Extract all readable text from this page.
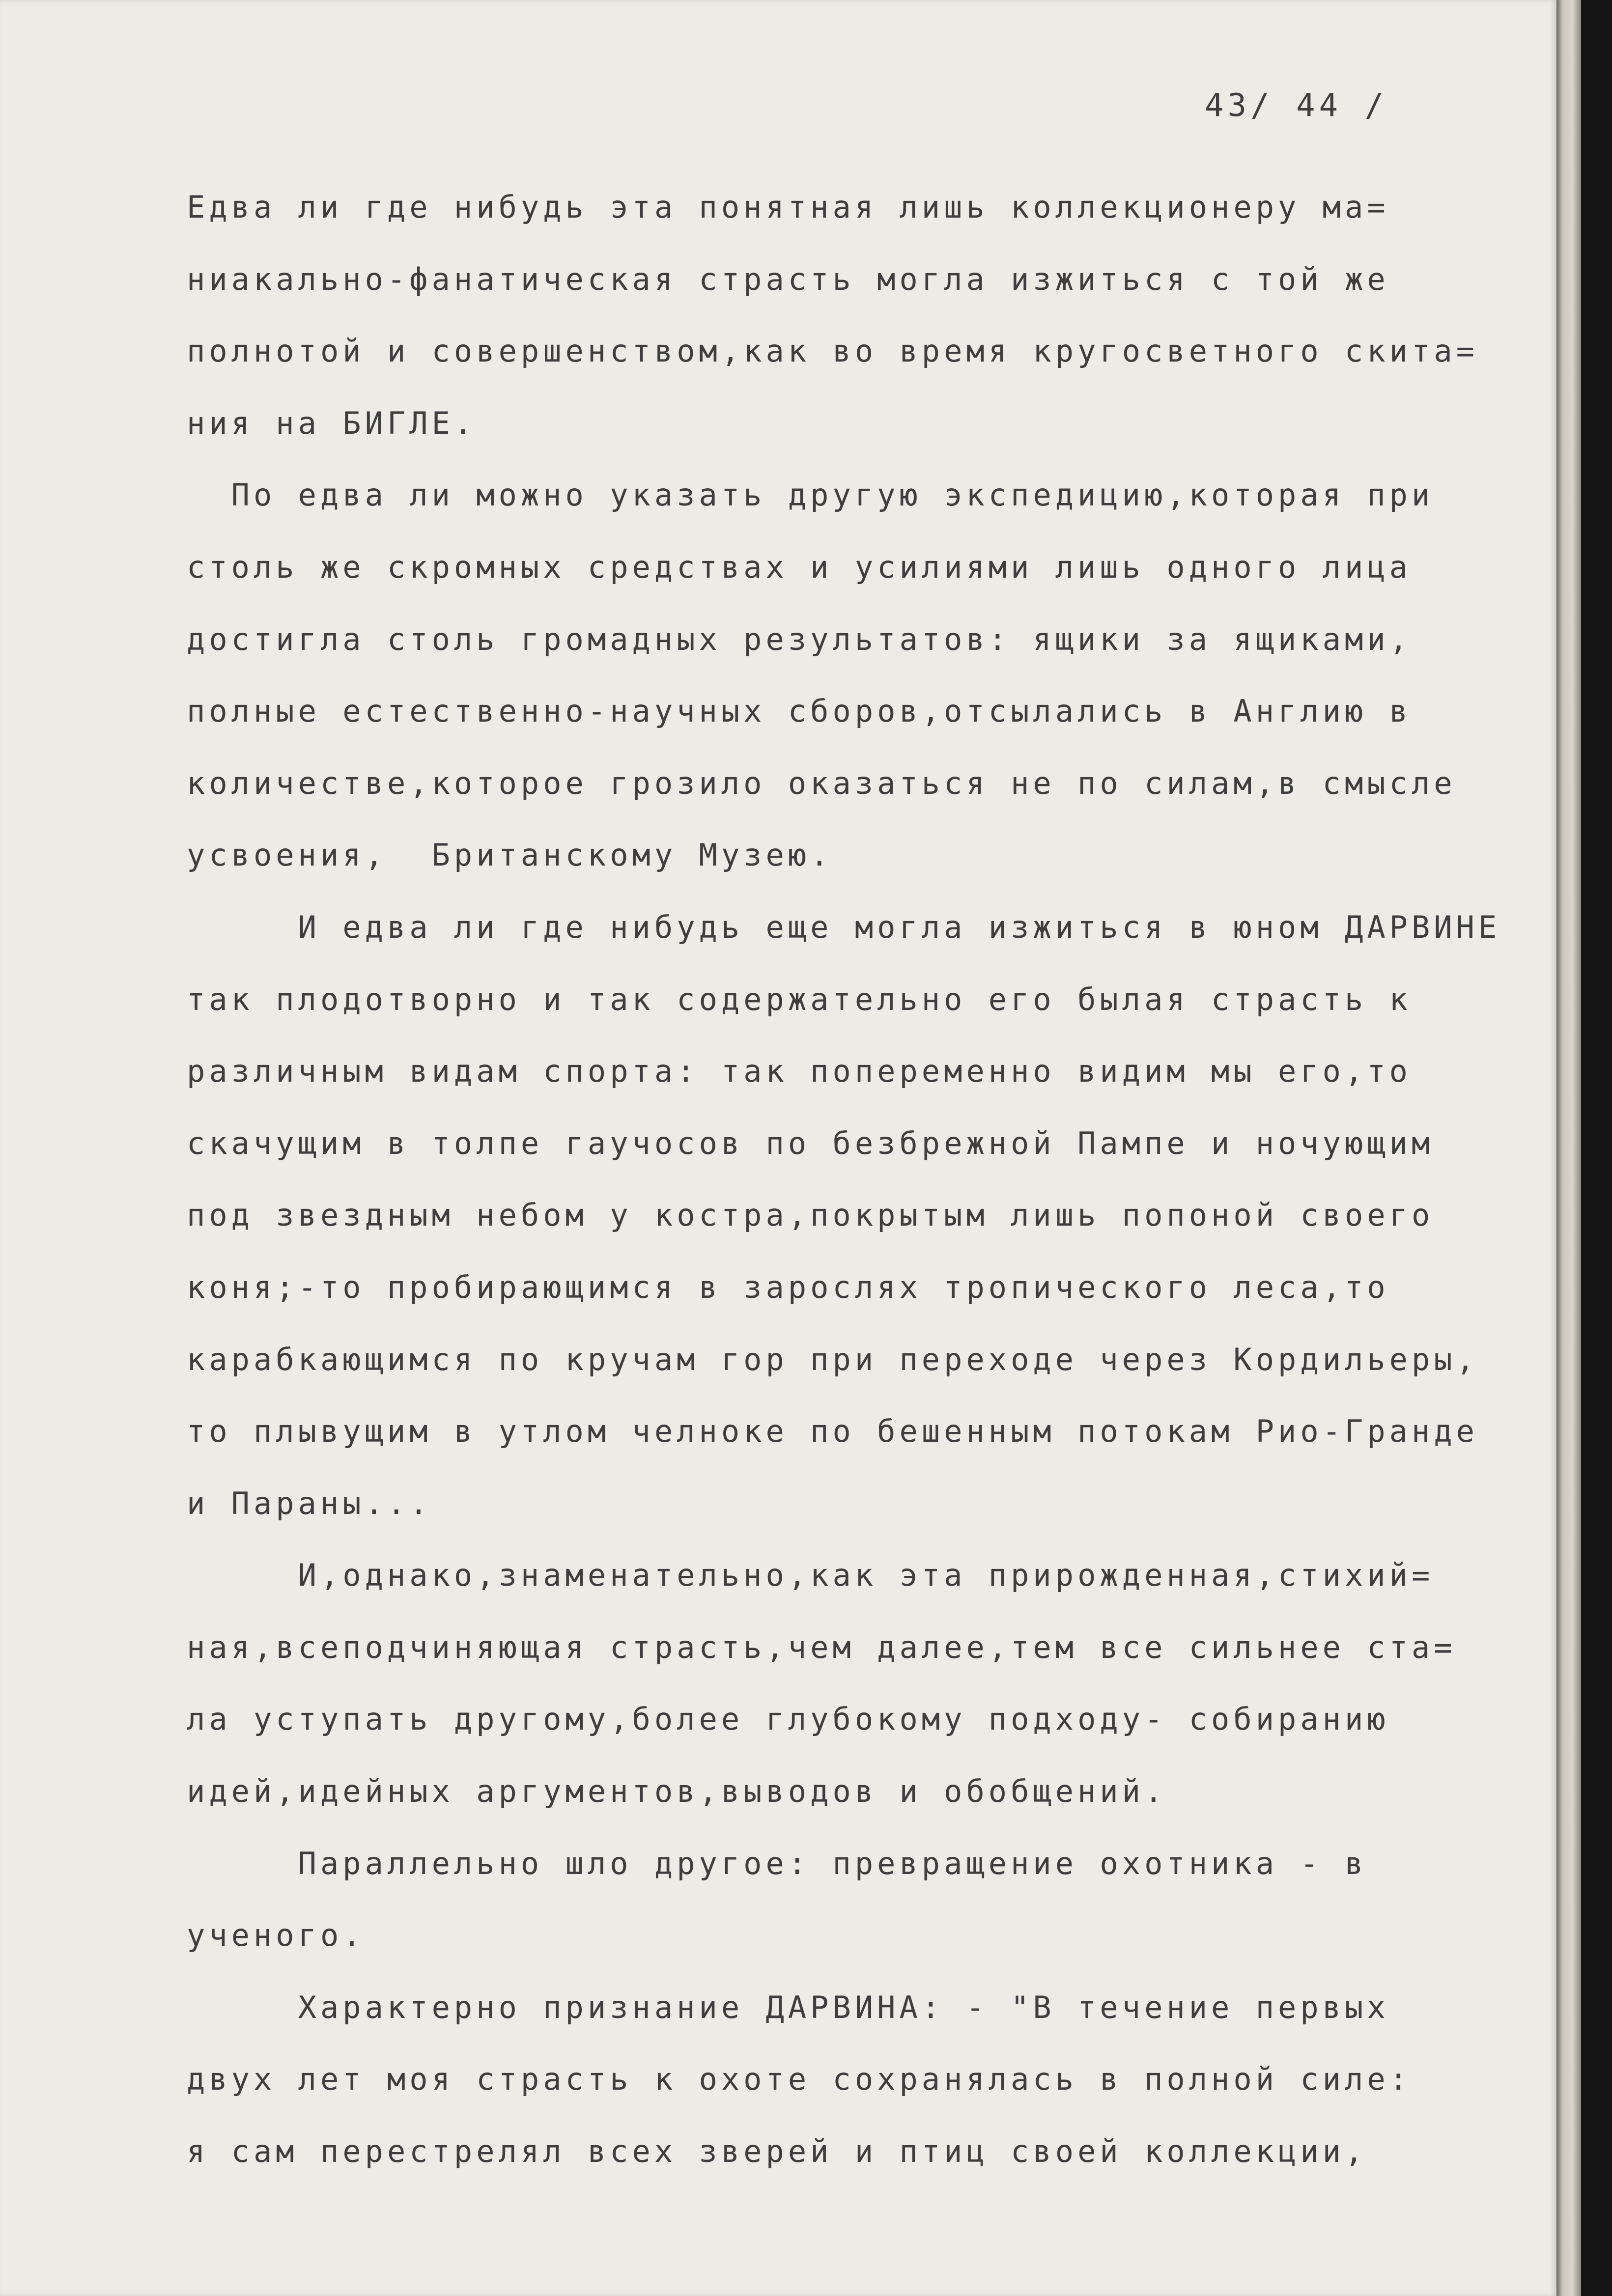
43/ 44 /
Едва ли где нибудь эта понятная лишь коллекционеру ма=
ниакально-фанатическая страсть могла изжиться с той же
полнотой и совершенством,как во время кругосветного скита=
ния на БИГЛЕ.
По едва ли можно указать другую экспедицию,которая при
столь же скромных средствах и усилиями лишь одного лица
достигла столь громадных результатов: ящики за ящиками,
полные естественно-научных сборов,отсылались в Англию в
количестве,которое грозило оказаться не по силам,в смысле
усвоения,  Британскому Музею.
И едва ли где нибудь еще могла изжиться в юном ДАРВИНЕ
так плодотворно и так содержательно его былая страсть к
различным видам спорта: так попеременно видим мы его,то
скачущим в толпе гаучосов по безбрежной Пампе и ночующим
под звездным небом у костра,покрытым лишь попоной своего
коня;-то пробирающимся в зарослях тропического леса,то
карабкающимся по кручам гор при переходе через Кордильеры,
то плывущим в утлом челноке по бешенным потокам Рио-Гранде
и Параны...
И,однако,знаменательно,как эта прирожденная,стихий=
ная,всеподчиняющая страсть,чем далее,тем все сильнее ста=
ла уступать другому,более глубокому подходу- собиранию
идей,идейных аргументов,выводов и обобщений.
Параллельно шло другое: превращение охотника - в
ученого.
Характерно признание ДАРВИНА: - "В течение первых
двух лет моя страсть к охоте сохранялась в полной силе:
я сам перестрелял всех зверей и птиц своей коллекции,
